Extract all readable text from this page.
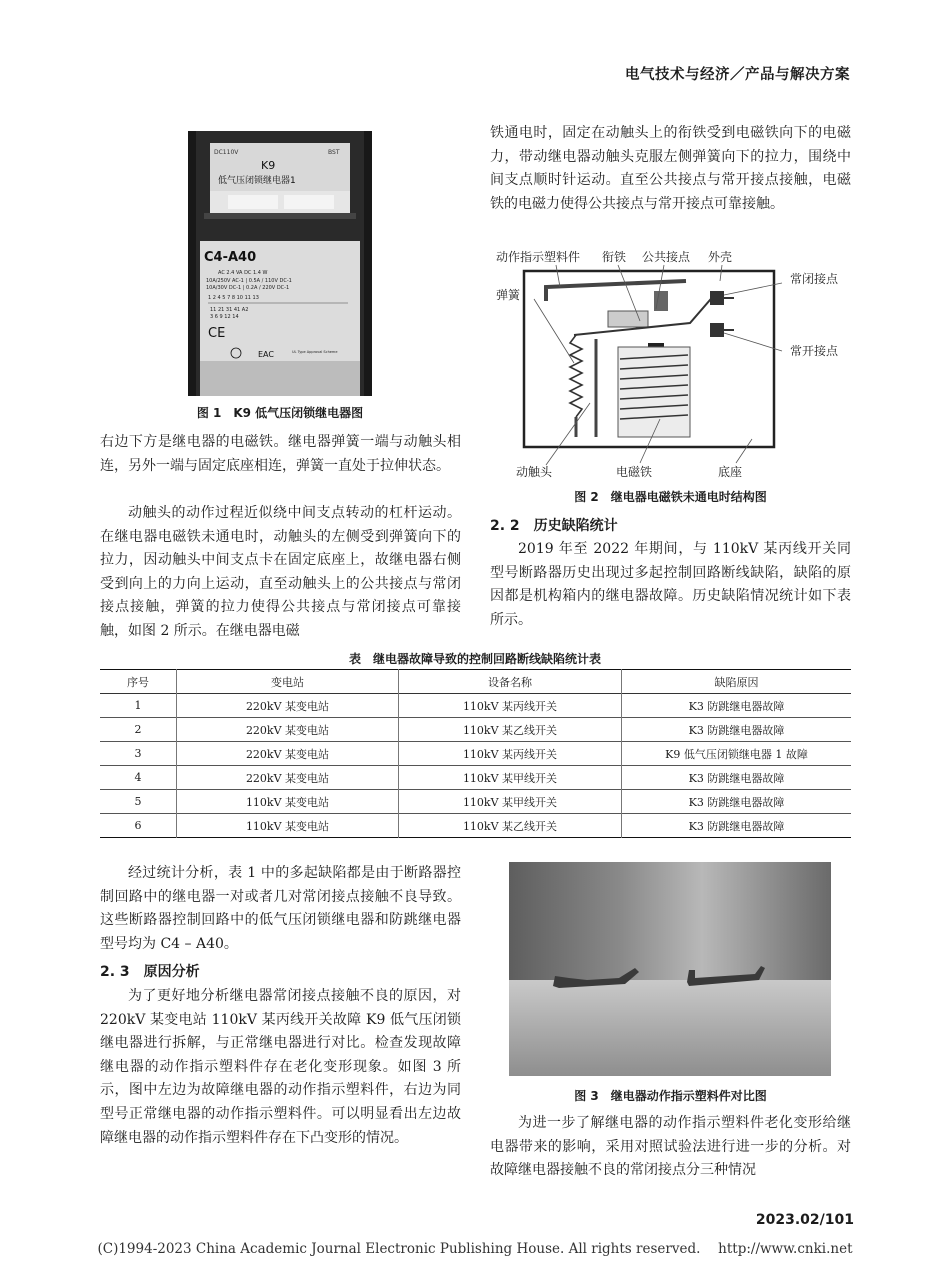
电气技术与经济／产品与解决方案
DC110V	BST
K9
低气压闭锁继电器1
C4-A40
AC 2.4 VA DC 1.4 W
10A/250V AC-1 | 0.5A / 110V DC-1
10A/30V DC-1 | 0.2A / 220V DC-1
1 2 4 5 7 8 10 11 13
11 21 31 41 A2
3 6 9 12 14
CE
EAC	UL Type Approval Scheme
图 1　K9 低气压闭锁继电器图

右边下方是继电器的电磁铁。继电器弹簧一端与动触头相连，另外一端与固定底座相连，弹簧一直处于拉伸状态。

动触头的动作过程近似绕中间支点转动的杠杆运动。在继电器电磁铁未通电时，动触头的左侧受到弹簧向下的拉力，因动触头中间支点卡在固定底座上，故继电器右侧受到向上的力向上运动，直至动触头上的公共接点与常闭接点接触，弹簧的拉力使得公共接点与常闭接点可靠接触，如图 2 所示。在继电器电磁

铁通电时，固定在动触头上的衔铁受到电磁铁向下的电磁力，带动继电器动触头克服左侧弹簧向下的拉力，围绕中间支点顺时针运动。直至公共接点与常开接点接触，电磁铁的电磁力使得公共接点与常开接点可靠接触。

动作指示塑料件 衔铁 公共接点 外壳
常闭接点
弹簧
常开接点
动触头	电磁铁	底座
图 2　继电器电磁铁未通电时结构图
2. 2　历史缺陷统计

2019 年至 2022 年期间，与 110kV 某丙线开关同型号断路器历史出现过多起控制回路断线缺陷，缺陷的原因都是机构箱内的继电器故障。历史缺陷情况统计如下表所示。

表　继电器故障导致的控制回路断线缺陷统计表
序号	变电站	设备名称	缺陷原因
1	220kV 某变电站	110kV 某丙线开关	K3 防跳继电器故障
2	220kV 某变电站	110kV 某乙线开关	K3 防跳继电器故障
3	220kV 某变电站	110kV 某丙线开关	K9 低气压闭锁继电器 1 故障
4	220kV 某变电站	110kV 某甲线开关	K3 防跳继电器故障
5	110kV 某变电站	110kV 某甲线开关	K3 防跳继电器故障
6	110kV 某变电站	110kV 某乙线开关	K3 防跳继电器故障

经过统计分析，表 1 中的多起缺陷都是由于断路器控制回路中的继电器一对或者几对常闭接点接触不良导致。这些断路器控制回路中的低气压闭锁继电器和防跳继电器型号均为 C4 – A40。

2. 3　原因分析

为了更好地分析继电器常闭接点接触不良的原因，对 220kV 某变电站 110kV 某丙线开关故障 K9 低气压闭锁继电器进行拆解，与正常继电器进行对比。检查发现故障继电器的动作指示塑料件存在老化变形现象。如图 3 所示，图中左边为故障继电器的动作指示塑料件，右边为同型号正常继电器的动作指示塑料件。可以明显看出左边故障继电器的动作指示塑料件存在下凸变形的情况。

图 3　继电器动作指示塑料件对比图

为进一步了解继电器的动作指示塑料件老化变形给继电器带来的影响，采用对照试验法进行进一步的分析。对故障继电器接触不良的常闭接点分三种情况

2023.02/101
(C)1994-2023 China Academic Journal Electronic Publishing House. All rights reserved.　 http://www.cnki.net
